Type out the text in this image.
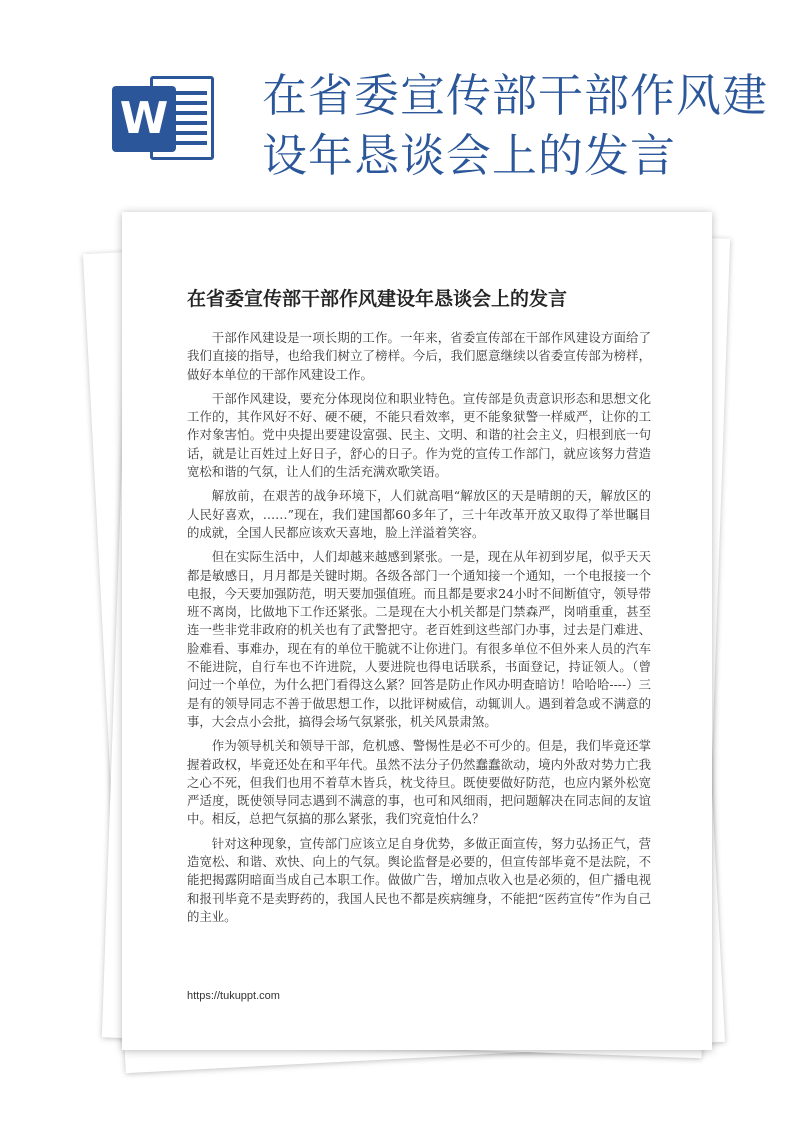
W 在省委宣传部干部作风建设年恳谈会上的发言
在省委宣传部干部作风建设年恳谈会上的发言

干部作风建设是一项长期的工作。一年来，省委宣传部在干部作风建设方面给了我们直接的指导，也给我们树立了榜样。今后，我们愿意继续以省委宣传部为榜样，做好本单位的干部作风建设工作。

干部作风建设，要充分体现岗位和职业特色。宣传部是负责意识形态和思想文化工作的，其作风好不好、硬不硬，不能只看效率，更不能象狱警一样威严，让你的工作对象害怕。党中央提出要建设富强、民主、文明、和谐的社会主义，归根到底一句话，就是让百姓过上好日子，舒心的日子。作为党的宣传工作部门，就应该努力营造宽松和谐的气氛，让人们的生活充满欢歌笑语。

解放前，在艰苦的战争环境下，人们就高唱“解放区的天是晴朗的天，解放区的人民好喜欢，……”现在，我们建国都60多年了，三十年改革开放又取得了举世瞩目的成就，全国人民都应该欢天喜地，脸上洋溢着笑容。

但在实际生活中，人们却越来越感到紧张。一是，现在从年初到岁尾，似乎天天都是敏感日，月月都是关键时期。各级各部门一个通知接一个通知，一个电报接一个电报，今天要加强防范，明天要加强值班。而且都是要求24小时不间断值守，领导带班不离岗，比做地下工作还紧张。二是现在大小机关都是门禁森严，岗哨重重，甚至连一些非党非政府的机关也有了武警把守。老百姓到这些部门办事，过去是门难进、脸难看、事难办，现在有的单位干脆就不让你进门。有很多单位不但外来人员的汽车不能进院，自行车也不许进院，人要进院也得电话联系，书面登记，持证领人。（曾问过一个单位，为什么把门看得这么紧？回答是防止作风办明查暗访！哈哈哈----）三是有的领导同志不善于做思想工作，以批评树威信，动辄训人。遇到着急或不满意的事，大会点小会批，搞得会场气氛紧张，机关风景肃煞。

作为领导机关和领导干部，危机感、警惕性是必不可少的。但是，我们毕竟还掌握着政权，毕竟还处在和平年代。虽然不法分子仍然蠢蠢欲动，境内外敌对势力亡我之心不死，但我们也用不着草木皆兵，枕戈待旦。既使要做好防范，也应内紧外松宽严适度，既使领导同志遇到不满意的事，也可和风细雨，把问题解决在同志间的友谊中。相反，总把气氛搞的那么紧张，我们究竟怕什么？

针对这种现象，宣传部门应该立足自身优势，多做正面宣传，努力弘扬正气，营造宽松、和谐、欢快、向上的气氛。舆论监督是必要的，但宣传部毕竟不是法院，不能把揭露阴暗面当成自己本职工作。做做广告，增加点收入也是必须的，但广播电视和报刊毕竟不是卖野药的，我国人民也不都是疾病缠身，不能把“医药宣传”作为自己的主业。

https://tukuppt.com
